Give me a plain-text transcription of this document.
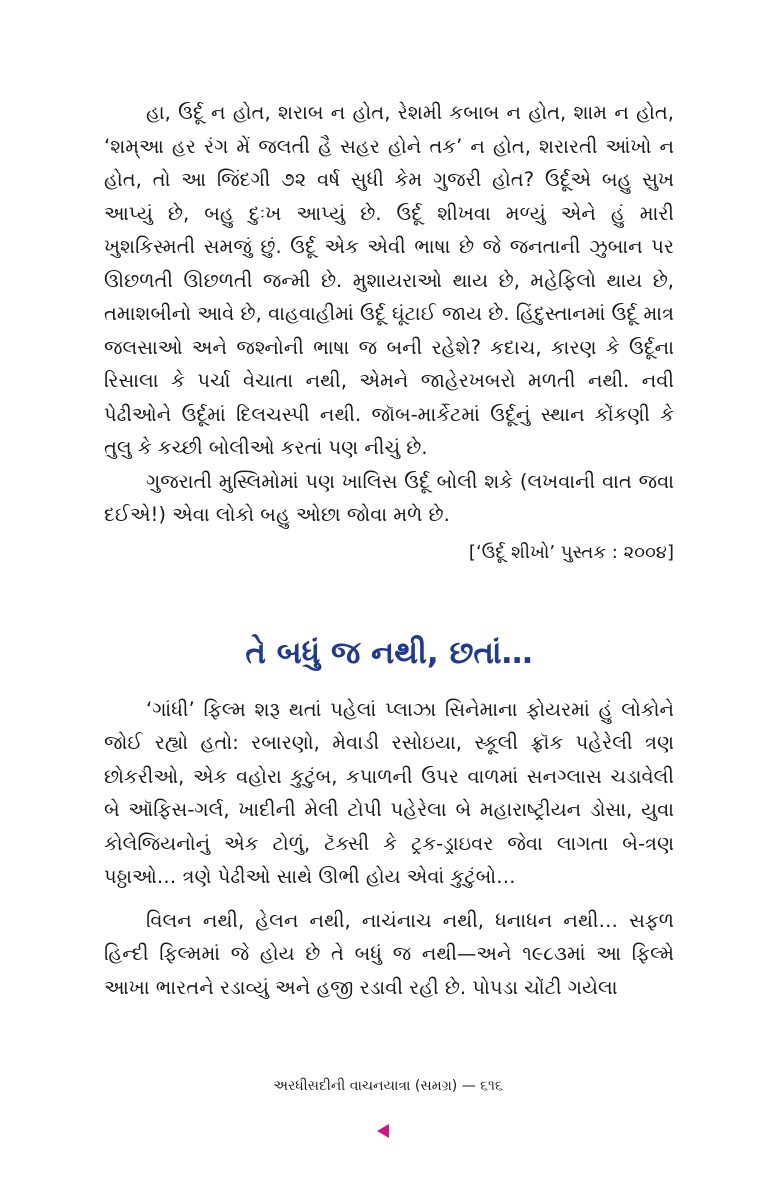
હા, ઉર્દૂ ન હોત, શરાબ ન હોત, રેશમી કબાબ ન હોત, શામ ન હોત, ‘શમ્આ હર રંગ મેં જલતી હૈ સહર હોને તક’ ન હોત, શરારતી આંખો ન હોત, તો આ જિંદગી ૭૨ વર્ષ સુધી કેમ ગુજરી હોત? ઉર્દૂએ બહુ સુખ આપ્યું છે, બહુ દુઃખ આપ્યું છે. ઉર્દૂ શીખવા મળ્યું એને હું મારી ખુશકિસ્મતી સમજું છું. ઉર્દૂ એક એવી ભાષા છે જે જનતાની ઝુબાન પર ઊછળતી ઊછળતી જન્મી છે. મુશાયરાઓ થાય છે, મહેફિલો થાય છે, તમાશબીનો આવે છે, વાહવાહીમાં ઉર્દૂ ઘૂંટાઈ જાય છે. હિંદુસ્તાનમાં ઉર્દૂ માત્ર જલસાઓ અને જશ્નોની ભાષા જ બની રહેશે? કદાચ, કારણ કે ઉર્દૂના રિસાલા કે પર્ચા વેચાતા નથી, એમને જાહેરખબરો મળતી નથી. નવી પેઢીઓને ઉર્દૂમાં દિલચસ્પી નથી. જૉબ-માર્કેટમાં ઉર્દૂનું સ્થાન કોંકણી કે તુલુ કે કચ્છી બોલીઓ કરતાં પણ નીચું છે.

ગુજરાતી મુસ્લિમોમાં પણ ખાલિસ ઉર્દૂ બોલી શકે (લખવાની વાત જવા દઈએ!) એવા લોકો બહુ ઓછા જોવા મળે છે.

[‘ઉર્દૂ શીખો’ પુસ્તક : ૨૦૦૪]

તે બધું જ નથી, છતાં…

‘ગાંધી’ ફિલ્મ શરૂ થતાં પહેલાં પ્લાઝા સિનેમાના ફોયરમાં હું લોકોને જોઈ રહ્યો હતો: રબારણો, મેવાડી રસોઇયા, સ્કૂલી ફ્રૉક પહેરેલી ત્રણ છોકરીઓ, એક વહોરા કુટુંબ, કપાળની ઉપર વાળમાં સનગ્લાસ ચડાવેલી બે ઑફિસ-ગર્લ, ખાદીની મેલી ટોપી પહેરેલા બે મહારાષ્ટ્રીયન ડોસા, યુવા કોલેજિયનોનું એક ટોળું, ટૅક્સી કે ટ્રક-ડ્રાઇવર જેવા લાગતા બે-ત્રણ પઠ્ઠાઓ… ત્રણે પેઢીઓ સાથે ઊભી હોય એવાં કુટુંબો…

વિલન નથી, હેલન નથી, નાચંનાચ નથી, ધનાધન નથી… સફળ હિન્દી ફિલ્મમાં જે હોય છે તે બધું જ નથી—અને ૧૯૮૩માં આ ફિલ્મે આખા ભારતને રડાવ્યું અને હજી રડાવી રહી છે. પોપડા ચોંટી ગયેલા

અરધીસદીની વાચનયાત્રા (સમગ્ર) — ૬૧૬
